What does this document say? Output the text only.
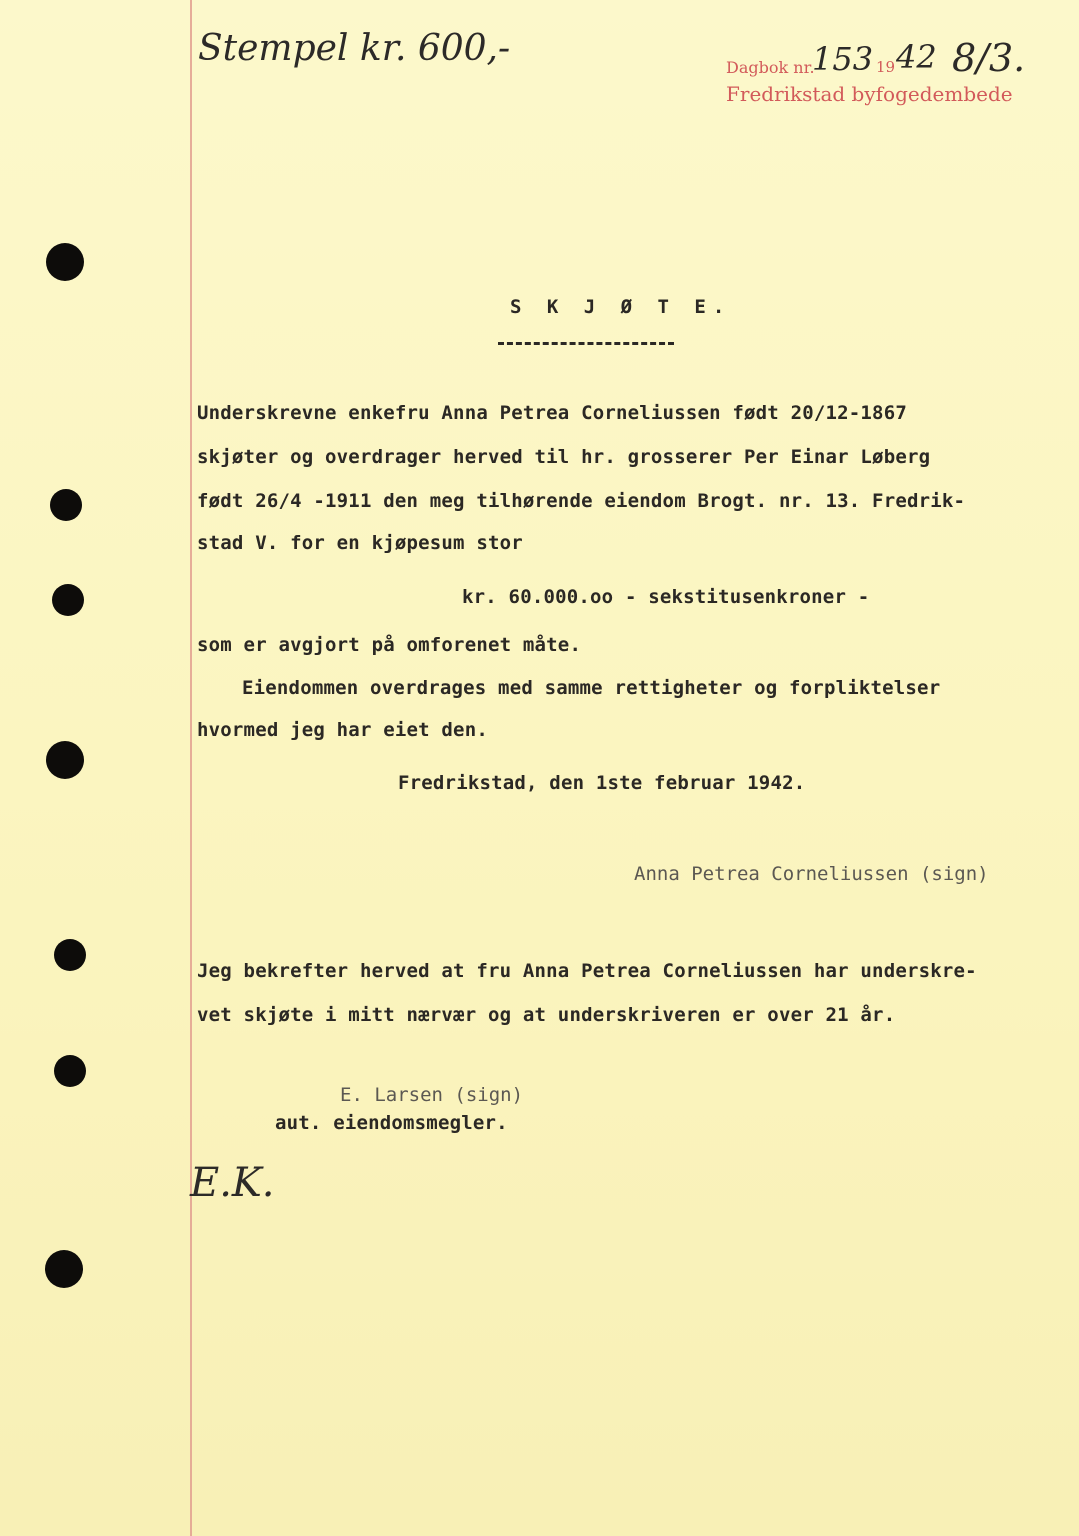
Stempel kr. 600,-	Dagbok nr.
153 19 42
Fredrikstad byfogedembede
8/3.
S K J Ø T E.
Underskrevne enkefru Anna Petrea Corneliussen født 20/12-1867
skjøter og overdrager herved til hr. grosserer Per Einar Løberg
født 26/4 -1911 den meg tilhørende eiendom Brogt. nr. 13. Fredrik-
stad V. for en kjøpesum stor
kr. 60.000.oo - sekstitusenkroner -
som er avgjort på omforenet måte.
Eiendommen overdrages med samme rettigheter og forpliktelser
hvormed jeg har eiet den.
Fredrikstad, den 1ste februar 1942.
Anna Petrea Corneliussen (sign)
Jeg bekrefter herved at fru Anna Petrea Corneliussen har underskre-
vet skjøte i mitt nærvær og at underskriveren er over 21 år.
E. Larsen (sign)
aut. eiendomsmegler.
E.K.
